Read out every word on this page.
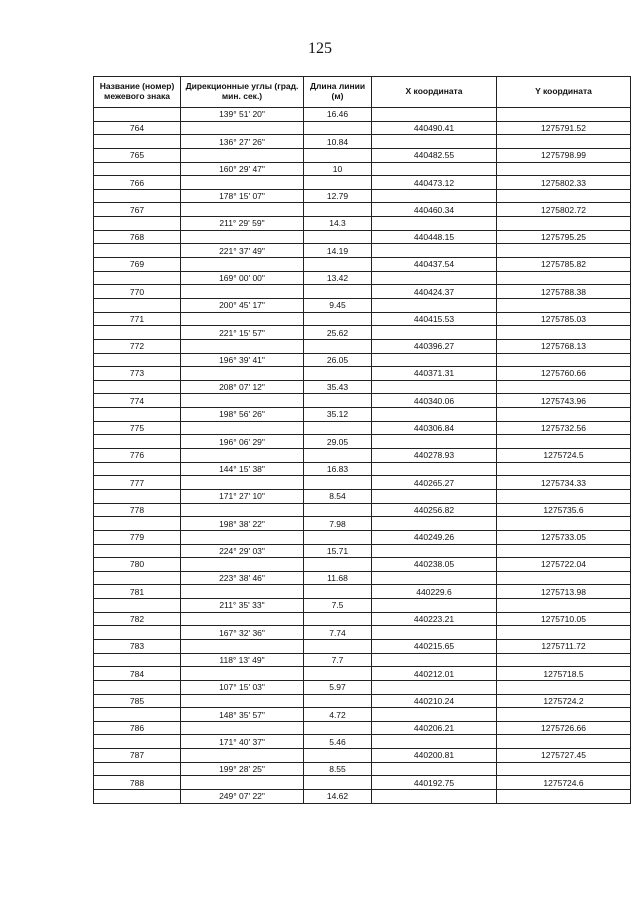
125
Название (номер) межевого знака	Дирекционные углы (град. мин. сек.)	Длина линии (м)	X координата	Y координата
	139° 51' 20"	16.46		
764			440490.41	1275791.52
	136° 27' 26"	10.84		
765			440482.55	1275798.99
	160° 29' 47"	10		
766			440473.12	1275802.33
	178° 15' 07"	12.79		
767			440460.34	1275802.72
	211° 29' 59"	14.3		
768			440448.15	1275795.25
	221° 37' 49"	14.19		
769			440437.54	1275785.82
	169° 00' 00"	13.42		
770			440424.37	1275788.38
	200° 45' 17"	9.45		
771			440415.53	1275785.03
	221° 15' 57"	25.62		
772			440396.27	1275768.13
	196° 39' 41"	26.05		
773			440371.31	1275760.66
	208° 07' 12"	35.43		
774			440340.06	1275743.96
	198° 56' 26"	35.12		
775			440306.84	1275732.56
	196° 06' 29"	29.05		
776			440278.93	1275724.5
	144° 15' 38"	16.83		
777			440265.27	1275734.33
	171° 27' 10"	8.54		
778			440256.82	1275735.6
	198° 38' 22"	7.98		
779			440249.26	1275733.05
	224° 29' 03"	15.71		
780			440238.05	1275722.04
	223° 38' 46"	11.68		
781			440229.6	1275713.98
	211° 35' 33"	7.5		
782			440223.21	1275710.05
	167° 32' 36"	7.74		
783			440215.65	1275711.72
	118° 13' 49"	7.7		
784			440212.01	1275718.5
	107° 15' 03"	5.97		
785			440210.24	1275724.2
	148° 35' 57"	4.72		
786			440206.21	1275726.66
	171° 40' 37"	5.46		
787			440200.81	1275727.45
	199° 28' 25"	8.55		
788			440192.75	1275724.6
	249° 07' 22"	14.62		
